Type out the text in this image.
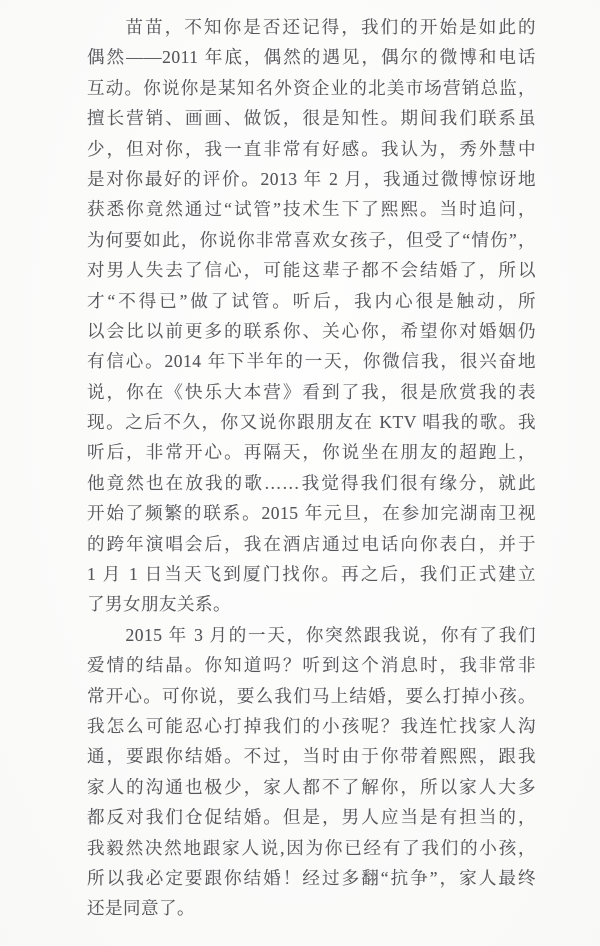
苗苗，不知你是否还记得，我们的开始是如此的
偶然——2011 年底，偶然的遇见，偶尔的微博和电话
互动。你说你是某知名外资企业的北美市场营销总监，
擅长营销、画画、做饭，很是知性。期间我们联系虽
少，但对你，我一直非常有好感。我认为，秀外慧中
是对你最好的评价。2013 年 2 月，我通过微博惊讶地
获悉你竟然通过“试管”技术生下了熙熙。当时追问，
为何要如此，你说你非常喜欢女孩子，但受了“情伤”，
对男人失去了信心，可能这辈子都不会结婚了，所以
才“不得已”做了试管。听后，我内心很是触动，所
以会比以前更多的联系你、关心你，希望你对婚姻仍
有信心。2014 年下半年的一天，你微信我，很兴奋地
说，你在《快乐大本营》看到了我，很是欣赏我的表
现。之后不久，你又说你跟朋友在 KTV 唱我的歌。我
听后，非常开心。再隔天，你说坐在朋友的超跑上，
他竟然也在放我的歌……我觉得我们很有缘分，就此
开始了频繁的联系。2015 年元旦，在参加完湖南卫视
的跨年演唱会后，我在酒店通过电话向你表白，并于
1 月 1 日当天飞到厦门找你。再之后，我们正式建立
了男女朋友关系。
2015 年 3 月的一天，你突然跟我说，你有了我们
爱情的结晶。你知道吗？听到这个消息时，我非常非
常开心。可你说，要么我们马上结婚，要么打掉小孩。
我怎么可能忍心打掉我们的小孩呢？我连忙找家人沟
通，要跟你结婚。不过，当时由于你带着熙熙，跟我
家人的沟通也极少，家人都不了解你，所以家人大多
都反对我们仓促结婚。但是，男人应当是有担当的，
我毅然决然地跟家人说,因为你已经有了我们的小孩，
所以我必定要跟你结婚！经过多翻“抗争”，家人最终
还是同意了。
